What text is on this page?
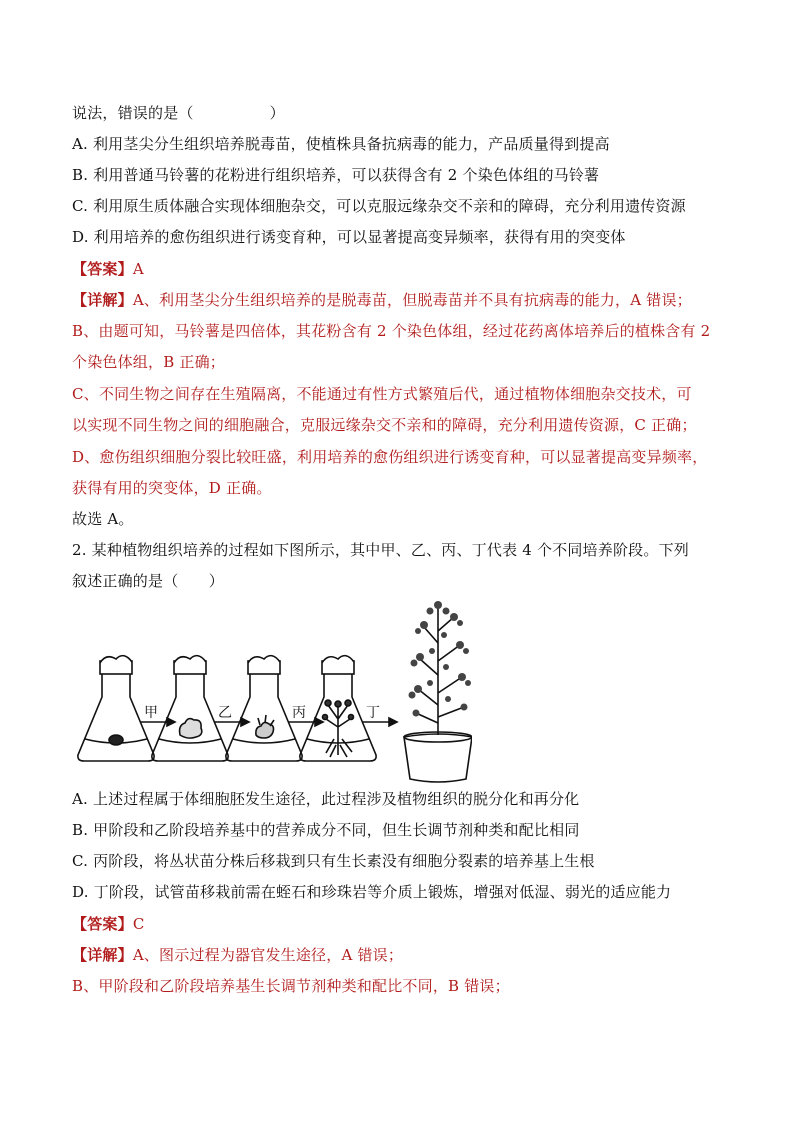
说法，错误的是（　　　　　）
A. 利用茎尖分生组织培养脱毒苗，使植株具备抗病毒的能力，产品质量得到提高
B. 利用普通马铃薯的花粉进行组织培养，可以获得含有 2 个染色体组的马铃薯
C. 利用原生质体融合实现体细胞杂交，可以克服远缘杂交不亲和的障碍，充分利用遗传资源
D. 利用培养的愈伤组织进行诱变育种，可以显著提高变异频率，获得有用的突变体
【答案】A
【详解】A、利用茎尖分生组织培养的是脱毒苗，但脱毒苗并不具有抗病毒的能力，A 错误；
B、由题可知，马铃薯是四倍体，其花粉含有 2 个染色体组，经过花药离体培养后的植株含有 2
个染色体组，B 正确；
C、不同生物之间存在生殖隔离，不能通过有性方式繁殖后代，通过植物体细胞杂交技术，可
以实现不同生物之间的细胞融合，克服远缘杂交不亲和的障碍，充分利用遗传资源，C 正确；
D、愈伤组织细胞分裂比较旺盛，利用培养的愈伤组织进行诱变育种，可以显著提高变异频率，
获得有用的突变体，D 正确。
故选 A。
2. 某种植物组织培养的过程如下图所示，其中甲、乙、丙、丁代表 4 个不同培养阶段。下列
叙述正确的是（　　）
甲	乙	丙	丁
A. 上述过程属于体细胞胚发生途径，此过程涉及植物组织的脱分化和再分化
B. 甲阶段和乙阶段培养基中的营养成分不同，但生长调节剂种类和配比相同
C. 丙阶段，将丛状苗分株后移栽到只有生长素没有细胞分裂素的培养基上生根
D. 丁阶段，试管苗移栽前需在蛭石和珍珠岩等介质上锻炼，增强对低湿、弱光的适应能力
【答案】C
【详解】A、图示过程为器官发生途径，A 错误；
B、甲阶段和乙阶段培养基生长调节剂种类和配比不同，B 错误；
